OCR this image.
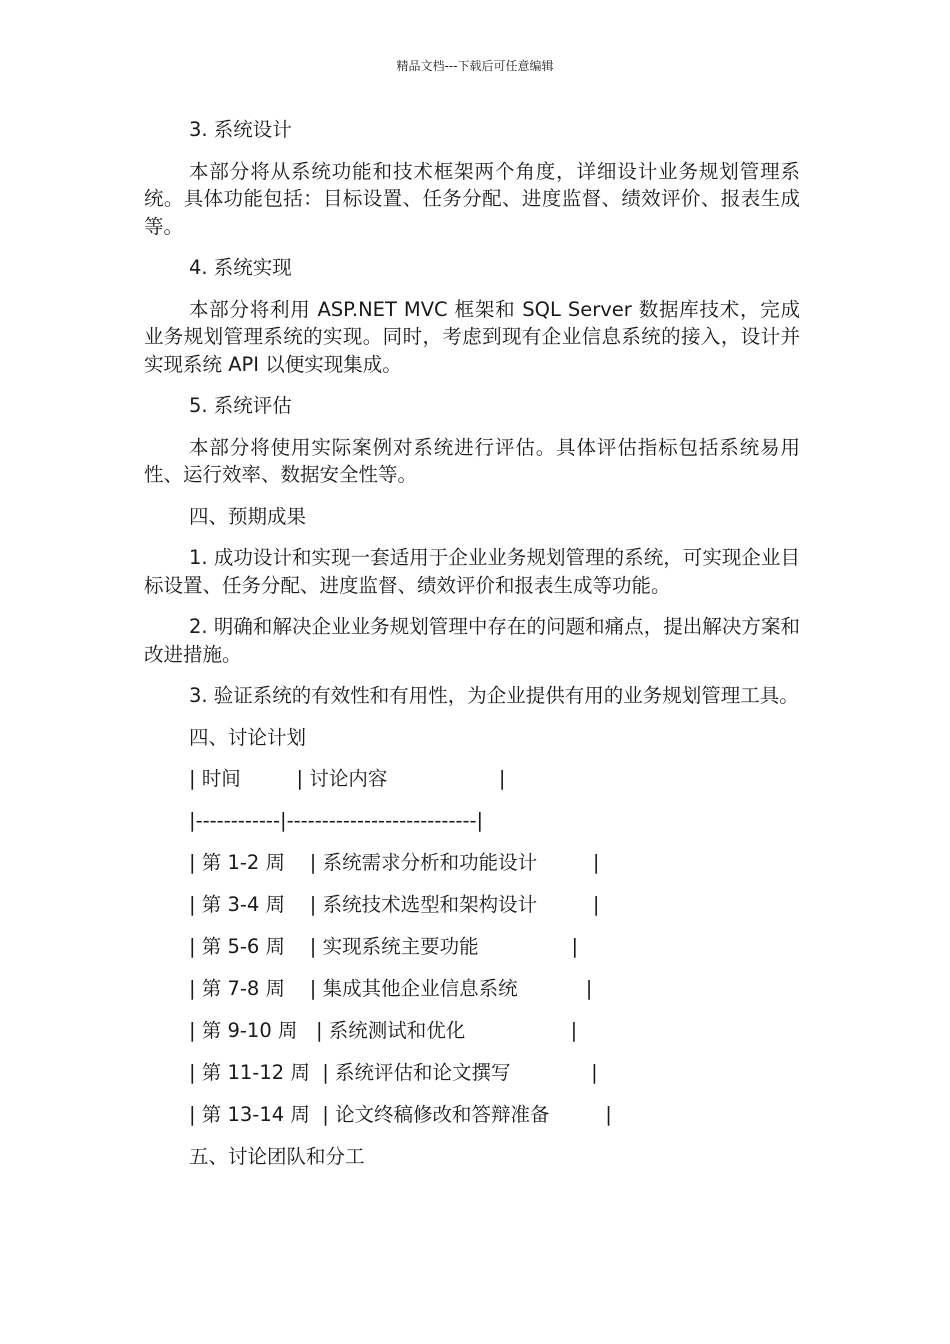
精品文档---下载后可任意编辑
3. 系统设计
本部分将从系统功能和技术框架两个角度，详细设计业务规划管理系统。具体功能包括：目标设置、任务分配、进度监督、绩效评价、报表生成等。
4. 系统实现
本部分将利用 ASP.NET MVC 框架和 SQL Server 数据库技术，完成业务规划管理系统的实现。同时，考虑到现有企业信息系统的接入，设计并实现系统 API 以便实现集成。
5. 系统评估
本部分将使用实际案例对系统进行评估。具体评估指标包括系统易用性、运行效率、数据安全性等。
四、预期成果
1. 成功设计和实现一套适用于企业业务规划管理的系统，可实现企业目标设置、任务分配、进度监督、绩效评价和报表生成等功能。
2. 明确和解决企业业务规划管理中存在的问题和痛点，提出解决方案和改进措施。
3. 验证系统的有效性和有用性，为企业提供有用的业务规划管理工具。
四、讨论计划
| 时间         | 讨论内容                  |
|------------|---------------------------|
| 第 1-2 周    | 系统需求分析和功能设计         |
| 第 3-4 周    | 系统技术选型和架构设计         |
| 第 5-6 周    | 实现系统主要功能               |
| 第 7-8 周    | 集成其他企业信息系统           |
| 第 9-10 周   | 系统测试和优化                 |
| 第 11-12 周  | 系统评估和论文撰写             |
| 第 13-14 周  | 论文终稿修改和答辩准备         |
五、讨论团队和分工
